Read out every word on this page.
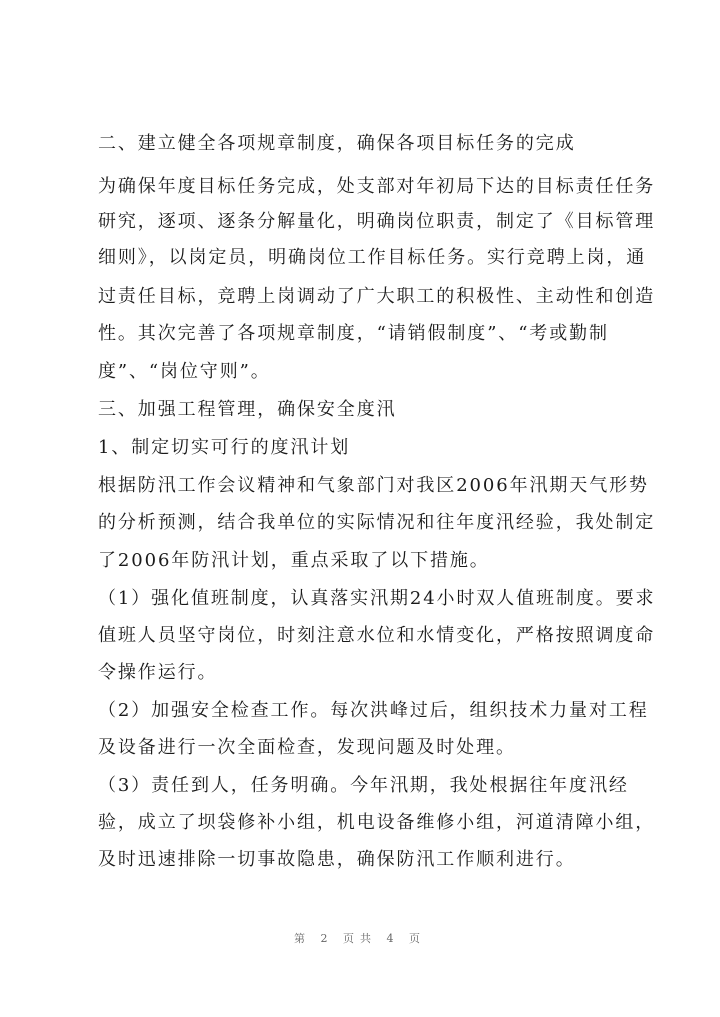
二、建立健全各项规章制度，确保各项目标任务的完成
为确保年度目标任务完成，处支部对年初局下达的目标责任任务
研究，逐项、逐条分解量化，明确岗位职责，制定了《目标管理
细则》，以岗定员，明确岗位工作目标任务。实行竞聘上岗，通
过责任目标，竞聘上岗调动了广大职工的积极性、主动性和创造
性。其次完善了各项规章制度，“请销假制度”、“考或勤制
度”、“岗位守则”。
三、加强工程管理，确保安全度汛
1、制定切实可行的度汛计划
根据防汛工作会议精神和气象部门对我区2006年汛期天气形势
的分析预测，结合我单位的实际情况和往年度汛经验，我处制定
了2006年防汛计划，重点采取了以下措施。
（1）强化值班制度，认真落实汛期24小时双人值班制度。要求
值班人员坚守岗位，时刻注意水位和水情变化，严格按照调度命
令操作运行。
（2）加强安全检查工作。每次洪峰过后，组织技术力量对工程
及设备进行一次全面检查，发现问题及时处理。
（3）责任到人，任务明确。今年汛期，我处根据往年度汛经
验，成立了坝袋修补小组，机电设备维修小组，河道清障小组，
及时迅速排除一切事故隐患，确保防汛工作顺利进行。
第 2 页共 4 页
